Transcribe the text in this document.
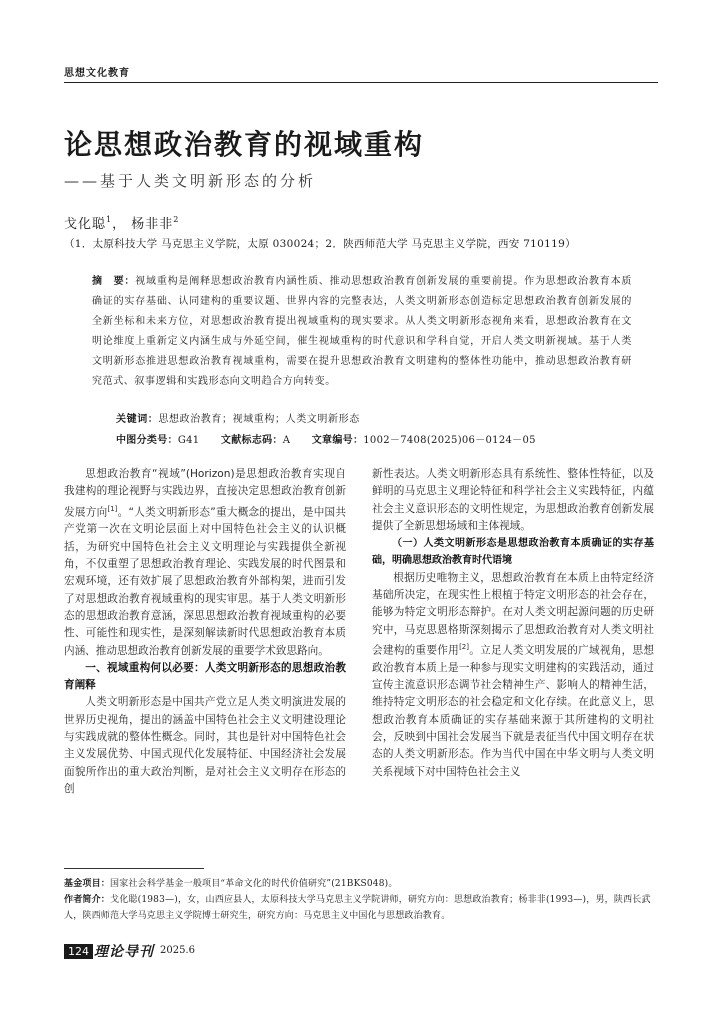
思想文化教育
论思想政治教育的视域重构
——基于人类文明新形态的分析
戈化聪$^1$， 杨非非$^2$
（1．太原科技大学 马克思主义学院，太原 030024；2．陕西师范大学 马克思主义学院，西安 710119）
摘　要：视域重构是阐释思想政治教育内涵性质、推动思想政治教育创新发展的重要前提。作为思想政治教育本质确证的实存基础、认同建构的重要议题、世界内容的完整表达，人类文明新形态创造标定思想政治教育创新发展的全新坐标和未来方位，对思想政治教育提出视域重构的现实要求。从人类文明新形态视角来看，思想政治教育在文明论维度上重新定义内涵生成与外延空间，催生视域重构的时代意识和学科自觉，开启人类文明新视域。基于人类文明新形态推进思想政治教育视域重构，需要在提升思想政治教育文明建构的整体性功能中，推动思想政治教育研究范式、叙事逻辑和实践形态向文明趋合方向转变。
关键词：思想政治教育；视域重构；人类文明新形态
中图分类号：G41 文献标志码：A 文章编号：1002－7408(2025)06－0124－05

思想政治教育“视域”(Horizon)是思想政治教育实现自我建构的理论视野与实践边界，直接决定思想政治教育创新发展方向[1]。“人类文明新形态”重大概念的提出，是中国共产党第一次在文明论层面上对中国特色社会主义的认识概括，为研究中国特色社会主义文明理论与实践提供全新视角，不仅重塑了思想政治教育理论、实践发展的时代图景和宏观环境，还有效扩展了思想政治教育外部构架，进而引发了对思想政治教育视域重构的现实审思。基于人类文明新形态的思想政治教育意涵，深思思想政治教育视域重构的必要性、可能性和现实性，是深刻解读新时代思想政治教育本质内涵、推动思想政治教育创新发展的重要学术致思路向。

一、视域重构何以必要：人类文明新形态的思想政治教育阐释

人类文明新形态是中国共产党立足人类文明演进发展的世界历史视角，提出的涵盖中国特色社会主义文明建设理论与实践成就的整体性概念。同时，其也是针对中国特色社会主义发展优势、中国式现代化发展特征、中国经济社会发展面貌所作出的重大政治判断，是对社会主义文明存在形态的创

新性表达。人类文明新形态具有系统性、整体性特征，以及鲜明的马克思主义理论特征和科学社会主义实践特征，内蕴社会主义意识形态的文明性规定，为思想政治教育创新发展提供了全新思想场域和主体视域。

（一）人类文明新形态是思想政治教育本质确证的实存基础，明确思想政治教育时代语境

根据历史唯物主义，思想政治教育在本质上由特定经济基础所决定，在现实性上根植于特定文明形态的社会存在，能够为特定文明形态辩护。在对人类文明起源问题的历史研究中，马克思恩格斯深刻揭示了思想政治教育对人类文明社会建构的重要作用[2]。立足人类文明发展的广域视角，思想政治教育本质上是一种参与现实文明建构的实践活动，通过宣传主流意识形态调节社会精神生产、影响人的精神生活，维持特定文明形态的社会稳定和文化存续。在此意义上，思想政治教育本质确证的实存基础来源于其所建构的文明社会，反映到中国社会发展当下就是表征当代中国文明存在状态的人类文明新形态。作为当代中国在中华文明与人类文明关系视域下对中国特色社会主义

基金项目：国家社会科学基金一般项目“革命文化的时代价值研究”(21BKS048)。
作者简介：戈化聪(1983—)，女，山西应县人，太原科技大学马克思主义学院讲师，研究方向：思想政治教育；杨非非(1993—)，男，陕西长武人，陕西师范大学马克思主义学院博士研究生，研究方向：马克思主义中国化与思想政治教育。
124 理论导刊 2025.6
